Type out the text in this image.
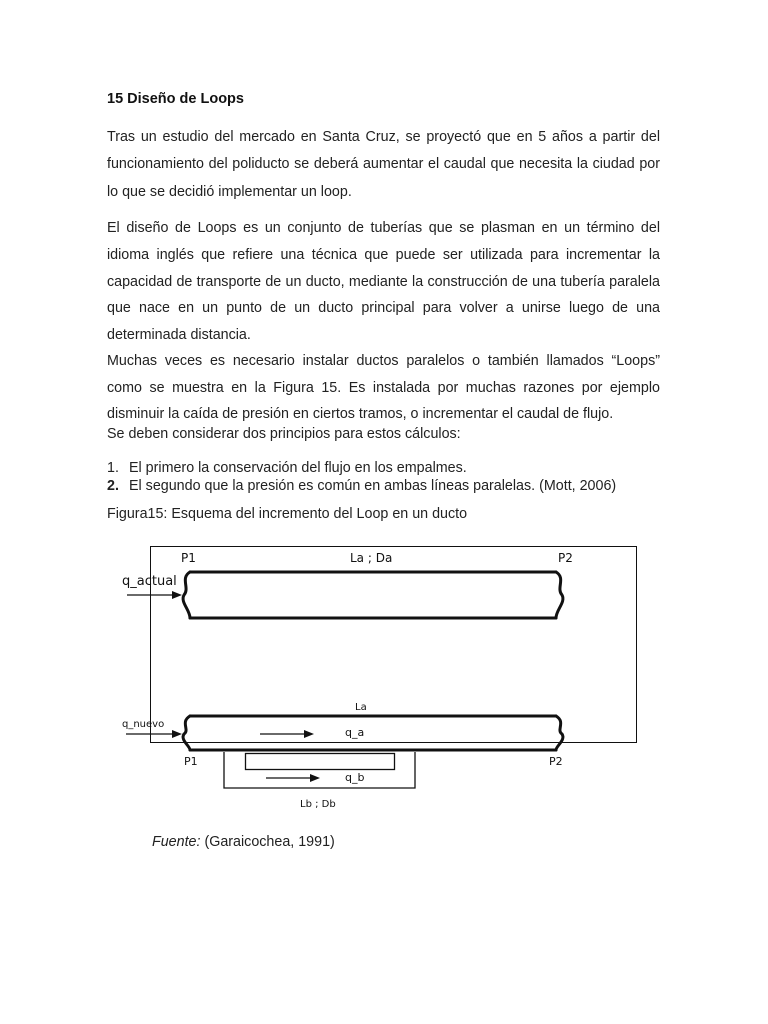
15 Diseño de Loops
Tras un estudio del mercado en Santa Cruz, se proyectó que en 5 años a partir del funcionamiento del poliducto se deberá aumentar el caudal que necesita la ciudad por lo que se decidió implementar un loop.
El diseño de Loops es un conjunto de tuberías que se plasman en un término del idioma inglés que refiere una técnica que puede ser utilizada para incrementar la capacidad de transporte de un ducto, mediante la construcción de una tubería paralela que nace en un punto de un ducto principal para volver a unirse luego de una determinada distancia.
Muchas veces es necesario instalar ductos paralelos o también llamados “Loops” como se muestra en la Figura 15. Es instalada por muchas razones por ejemplo disminuir la caída de presión en ciertos tramos, o incrementar el caudal de flujo.
Se deben considerar dos principios para estos cálculos:
1. El primero la conservación del flujo en los empalmes.
2. El segundo que la presión es común en ambas líneas paralelas. (Mott, 2006)
Figura15: Esquema del incremento del Loop en un ducto
P1	P2
La ; Da
q_actual
La
q_nuevo
P1	P2
q_a
q_b
Lb ; Db
Fuente: (Garaicochea, 1991)
